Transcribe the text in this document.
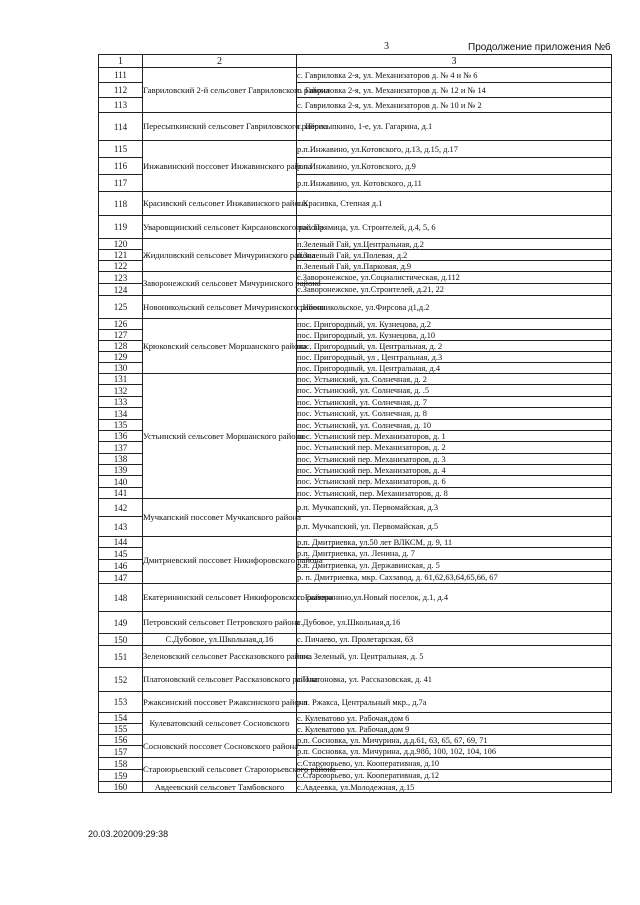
3	Продолжение приложения №6
1	2	3
111	Гавриловский 2-й сельсовет Гавриловского района	с. Гавриловка 2-я, ул. Механизаторов д. № 4 и № 6
112		с. Гавриловка 2-я, ул. Механизаторов д. № 12 и № 14
113		с. Гавриловка 2-я, ул. Механизаторов д. № 10 и № 2
114	Пересыпкинский сельсовет Гавриловского района	с. Пересыпкино, 1-е, ул. Гагарина, д.1
115	Инжавинский поссовет Инжавинского района	р.п.Инжавино, ул.Котовского, д.13, д.15, д.17
116		р.п.Инжавино, ул.Котовского, д.9
117		р.п.Инжавино, ул. Котовского, д.11
118	Красивский сельсовет Инжавинского района	с.Красивка, Степная д.1
119	Уваровщинский сельсовет Кирсановского района	пос. Прямица, ул. Строителей, д.4, 5, 6
120	Жидиловский сельсовет Мичуринского района	п.Зеленый Гай, ул.Центральная, д.2
121		п.Зеленый Гай, ул.Полевая, д.2
122		п.Зеленый Гай, ул.Парковая, д.9
123	Заворонежский сельсовет Мичуринского района	с.Заворонежское, ул.Социалистическая, д.112
124		с.Заворонежское, ул.Строителей, д.21, 22
125	Новоникольский сельсовет Мичуринского района	с.Новоникольское, ул.Фирсова д1,д.2
126	Крюковский сельсовет Моршанского района	пос. Пригородный, ул. Кузнецова, д.2
127		пос. Пригородный, ул. Кузнецова, д.10
128		пос. Пригородный, ул. Центральная, д. 2
129		пос. Пригородный, ул , Центральная, д.3
130		пос. Пригородный, ул. Центральная, д.4
131	Устьинский сельсовет Моршанского района	пос. Устьинский, ул. Солнечная, д. 2
132		пос. Устьинский, ул. Солнечная, д. .5
133		пос. Устьинский, ул. Солнечная, д. 7
134		пос. Устьинский, ул. Солнечная, д. 8
135		пос. Устьинский, ул. Солнечная, д. 10
136		пос. Устьинский пер. Механизаторов, д. 1
137		пос. Устьинский пер. Механизаторов, д. 2
138		пос. Устьинский пер. Механизаторов, д. 3
139		пос. Устьинский пер. Механизаторов, д. 4
140		пос. Устьинский пер. Механизаторов, д. 6
141		пос. Устьинский, пер. Механизаторов, д. 8
142	Мучкапский поссовет Мучкапского района	р.п. Мучкапский, ул. Первомайская, д.3
143		р.п. Мучкапский, ул. Первомайская, д.5
144	Дмитриевский поссовет Никифоровского района	р.п. Дмитриевка, ул.50 лет ВЛКСМ, д. 9, 11
145		р.п. Дмитриевка, ул. Ленина, д. 7
146		р.п. Дмитриевка, ул. Державинская, д. 5
147		р. п. Дмитриевка, мкр. Сахзавод, д. 61,62,63,64,65,66, 67
148	Екатерининский сельсовет Никифоровского района	с. Екатеринино,ул.Новый поселок, д.1, д.4
149	Петровский сельсовет Петровского района	с.Дубовое, ул.Школьная,д.16
150	С.Дубовое, ул.Школьная,д.16	с. Пичаево, ул. Пролетарская, 63
151	Зеленовский сельсовет Рассказовского района	пос. Зеленый, ул. Центральная, д. 5
152	Платоновский сельсовет Рассказовского района	с.Платоновка, ул. Рассказовская, д. 41
153	Ржаксинский поссовет Ржаксинского района	р.п. Ржакса, Центральный мкр., д.7а
154	Кулеватовский сельсовет Сосновского	с. Кулеватово ул. Рабочая,дом 6
155		с. Кулеватово ул. Рабочая,дом 9
156	Сосновский поссовет Сосновского района	р.п. Сосновка, ул. Мичурина, д.д.61, 63, 65, 67, 69, 71
157		р.п. Сосновка, ул. Мичурина, д.д.98б, 100, 102, 104, 106
158	Староюрьевский сельсовет Староюрьевского района	с.Староюрьево, ул. Кооперативная, д.10
159		с.Староюрьево, ул. Кооперативная, д.12
160	Авдеевский сельсовет Тамбовского	с.Авдеевка, ул.Молодежная, д.15
20.03.202009:29:38
